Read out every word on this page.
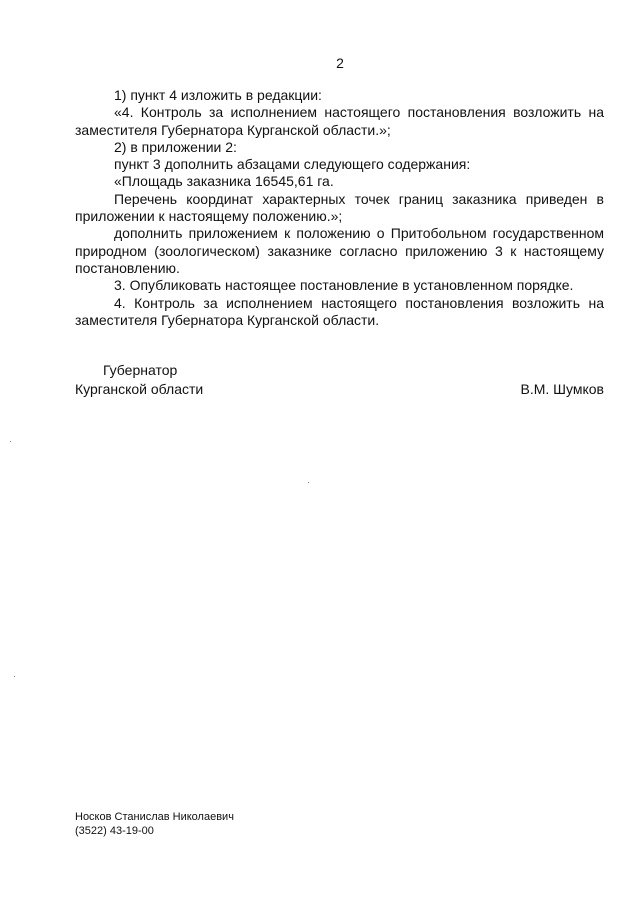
2

1) пункт 4 изложить в редакции:

«4. Контроль за исполнением настоящего постановления возложить на заместителя Губернатора Курганской области.»;

2) в приложении 2:

пункт 3 дополнить абзацами следующего содержания:

«Площадь заказника 16545,61 га.

Перечень координат характерных точек границ заказника приведен в приложении к настоящему положению.»;

дополнить приложением к положению о Притобольном государственном природном (зоологическом) заказнике согласно приложению 3 к настоящему постановлению.

3. Опубликовать настоящее постановление в установленном порядке.

4. Контроль за исполнением настоящего постановления возложить на заместителя Губернатора Курганской области.

Губернатор
Курганской области	В.М. Шумков
Носков Станислав Николаевич
(3522) 43-19-00
